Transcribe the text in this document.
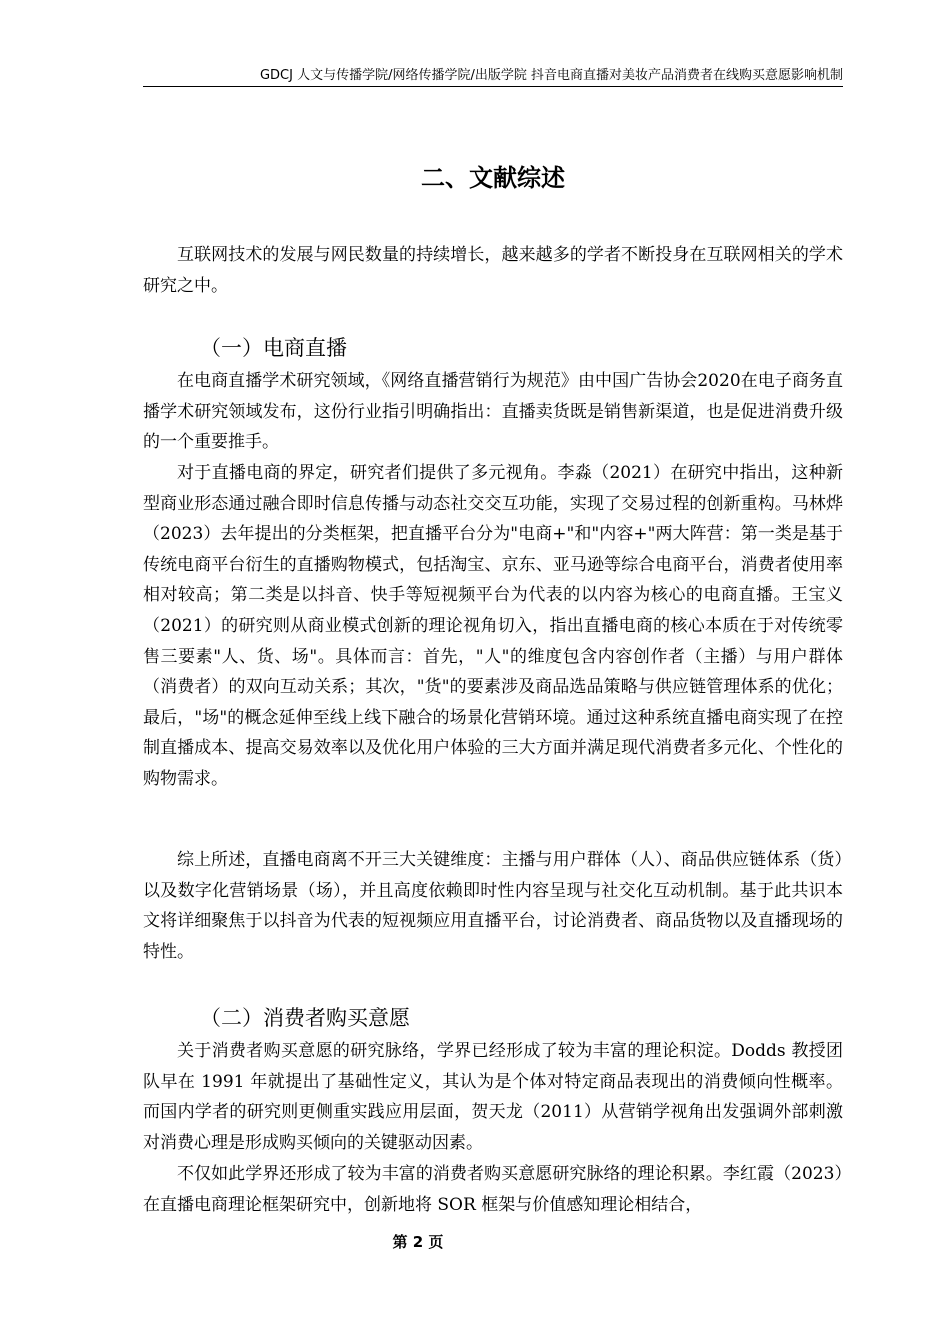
GDCJ 人文与传播学院/网络传播学院/出版学院 抖音电商直播对美妆产品消费者在线购买意愿影响机制
二、文献综述

互联网技术的发展与网民数量的持续增长，越来越多的学者不断投身在互联网相关的学术研究之中。

（一）电商直播

在电商直播学术研究领域，《网络直播营销行为规范》由中国广告协会2020在电子商务直播学术研究领域发布，这份行业指引明确指出：直播卖货既是销售新渠道，也是促进消费升级的一个重要推手。

对于直播电商的界定，研究者们提供了多元视角。李淼（2021）在研究中指出，这种新型商业形态通过融合即时信息传播与动态社交交互功能，实现了交易过程的创新重构。马林烨（2023）去年提出的分类框架，把直播平台分为"电商+"和"内容+"两大阵营：第一类是基于传统电商平台衍生的直播购物模式，包括淘宝、京东、亚马逊等综合电商平台，消费者使用率相对较高；第二类是以抖音、快手等短视频平台为代表的以内容为核心的电商直播。王宝义（2021）的研究则从商业模式创新的理论视角切入，指出直播电商的核心本质在于对传统零售三要素"人、货、场"。具体而言：首先，"人"的维度包含内容创作者（主播）与用户群体（消费者）的双向互动关系；其次，"货"的要素涉及商品选品策略与供应链管理体系的优化；最后，"场"的概念延伸至线上线下融合的场景化营销环境。通过这种系统直播电商实现了在控制直播成本、提高交易效率以及优化用户体验的三大方面并满足现代消费者多元化、个性化的购物需求。

综上所述，直播电商离不开三大关键维度：主播与用户群体（人）、商品供应链体系（货）以及数字化营销场景（场），并且高度依赖即时性内容呈现与社交化互动机制。基于此共识本文将详细聚焦于以抖音为代表的短视频应用直播平台，讨论消费者、商品货物以及直播现场的特性。

（二）消费者购买意愿

关于消费者购买意愿的研究脉络，学界已经形成了较为丰富的理论积淀。Dodds 教授团队早在 1991 年就提出了基础性定义，其认为是个体对特定商品表现出的消费倾向性概率。而国内学者的研究则更侧重实践应用层面，贺天龙（2011）从营销学视角出发强调外部刺激对消费心理是形成购买倾向的关键驱动因素。

不仅如此学界还形成了较为丰富的消费者购买意愿研究脉络的理论积累。李红霞（2023）在直播电商理论框架研究中，创新地将 SOR 框架与价值感知理论相结合，

第 2 页
